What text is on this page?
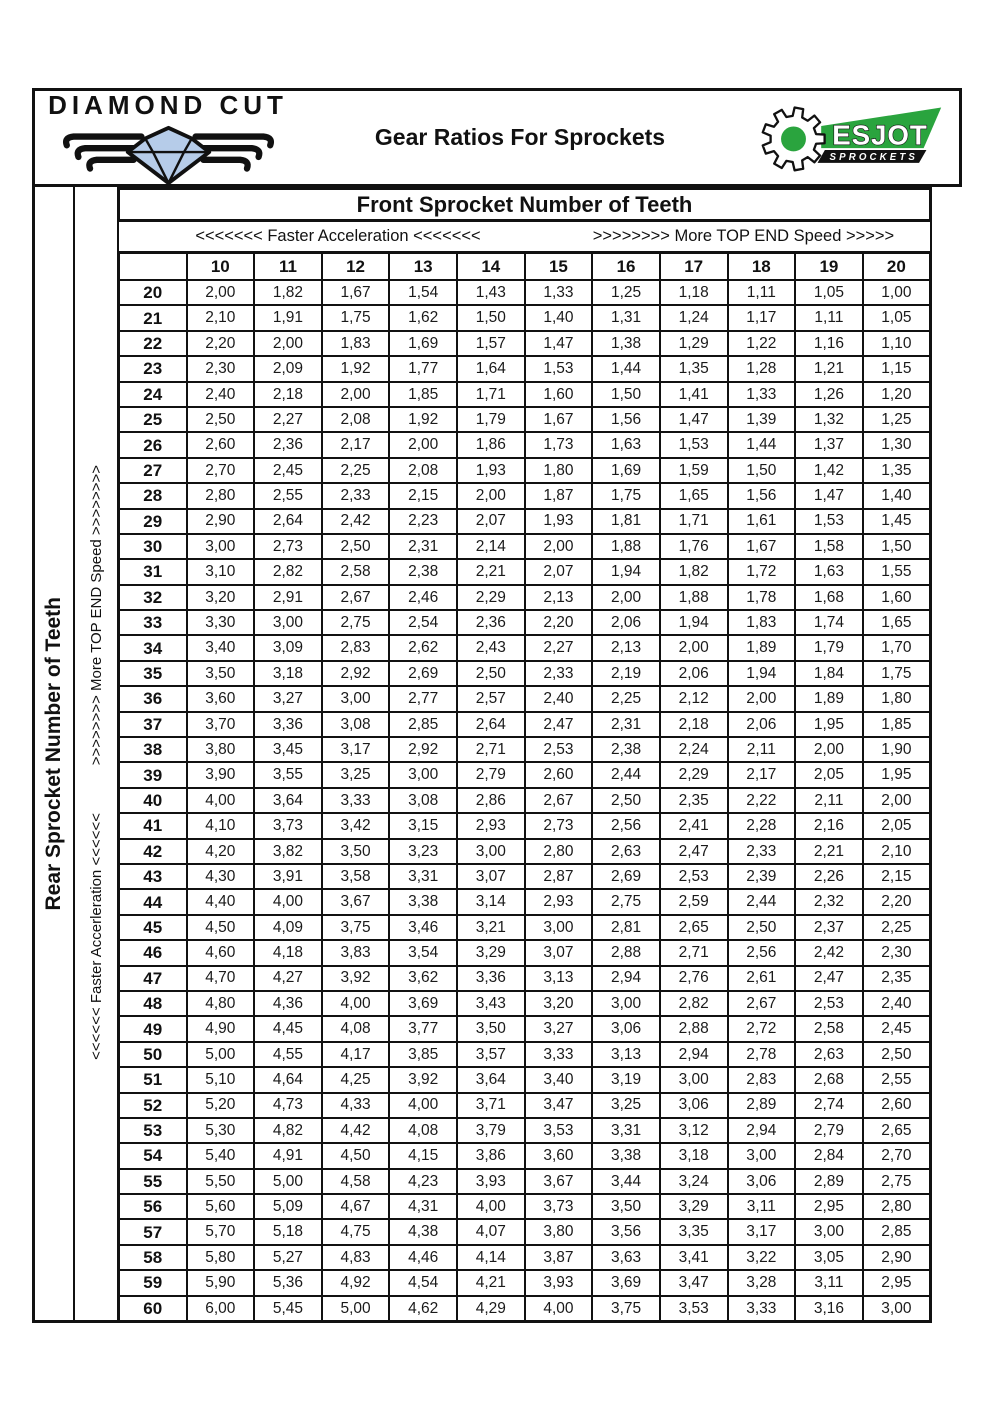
DIAMOND CUT
Gear Ratios For Sprockets	ESJOT
SPROCKETS
Rear Sprocket Number of Teeth >>>>>>>> More TOP END Speed >>>>>>>>
<<<<<< Faster Accerleration <<<<<<
Front Sprocket Number of Teeth
<<<<<<< Faster Acceleration <<<<<<<	>>>>>>>> More TOP END Speed >>>>>
	10	11	12	13	14	15	16	17	18	19	20
20	2,00	1,82	1,67	1,54	1,43	1,33	1,25	1,18	1,11	1,05	1,00
21	2,10	1,91	1,75	1,62	1,50	1,40	1,31	1,24	1,17	1,11	1,05
22	2,20	2,00	1,83	1,69	1,57	1,47	1,38	1,29	1,22	1,16	1,10
23	2,30	2,09	1,92	1,77	1,64	1,53	1,44	1,35	1,28	1,21	1,15
24	2,40	2,18	2,00	1,85	1,71	1,60	1,50	1,41	1,33	1,26	1,20
25	2,50	2,27	2,08	1,92	1,79	1,67	1,56	1,47	1,39	1,32	1,25
26	2,60	2,36	2,17	2,00	1,86	1,73	1,63	1,53	1,44	1,37	1,30
27	2,70	2,45	2,25	2,08	1,93	1,80	1,69	1,59	1,50	1,42	1,35
28	2,80	2,55	2,33	2,15	2,00	1,87	1,75	1,65	1,56	1,47	1,40
29	2,90	2,64	2,42	2,23	2,07	1,93	1,81	1,71	1,61	1,53	1,45
30	3,00	2,73	2,50	2,31	2,14	2,00	1,88	1,76	1,67	1,58	1,50
31	3,10	2,82	2,58	2,38	2,21	2,07	1,94	1,82	1,72	1,63	1,55
32	3,20	2,91	2,67	2,46	2,29	2,13	2,00	1,88	1,78	1,68	1,60
33	3,30	3,00	2,75	2,54	2,36	2,20	2,06	1,94	1,83	1,74	1,65
34	3,40	3,09	2,83	2,62	2,43	2,27	2,13	2,00	1,89	1,79	1,70
35	3,50	3,18	2,92	2,69	2,50	2,33	2,19	2,06	1,94	1,84	1,75
36	3,60	3,27	3,00	2,77	2,57	2,40	2,25	2,12	2,00	1,89	1,80
37	3,70	3,36	3,08	2,85	2,64	2,47	2,31	2,18	2,06	1,95	1,85
38	3,80	3,45	3,17	2,92	2,71	2,53	2,38	2,24	2,11	2,00	1,90
39	3,90	3,55	3,25	3,00	2,79	2,60	2,44	2,29	2,17	2,05	1,95
40	4,00	3,64	3,33	3,08	2,86	2,67	2,50	2,35	2,22	2,11	2,00
41	4,10	3,73	3,42	3,15	2,93	2,73	2,56	2,41	2,28	2,16	2,05
42	4,20	3,82	3,50	3,23	3,00	2,80	2,63	2,47	2,33	2,21	2,10
43	4,30	3,91	3,58	3,31	3,07	2,87	2,69	2,53	2,39	2,26	2,15
44	4,40	4,00	3,67	3,38	3,14	2,93	2,75	2,59	2,44	2,32	2,20
45	4,50	4,09	3,75	3,46	3,21	3,00	2,81	2,65	2,50	2,37	2,25
46	4,60	4,18	3,83	3,54	3,29	3,07	2,88	2,71	2,56	2,42	2,30
47	4,70	4,27	3,92	3,62	3,36	3,13	2,94	2,76	2,61	2,47	2,35
48	4,80	4,36	4,00	3,69	3,43	3,20	3,00	2,82	2,67	2,53	2,40
49	4,90	4,45	4,08	3,77	3,50	3,27	3,06	2,88	2,72	2,58	2,45
50	5,00	4,55	4,17	3,85	3,57	3,33	3,13	2,94	2,78	2,63	2,50
51	5,10	4,64	4,25	3,92	3,64	3,40	3,19	3,00	2,83	2,68	2,55
52	5,20	4,73	4,33	4,00	3,71	3,47	3,25	3,06	2,89	2,74	2,60
53	5,30	4,82	4,42	4,08	3,79	3,53	3,31	3,12	2,94	2,79	2,65
54	5,40	4,91	4,50	4,15	3,86	3,60	3,38	3,18	3,00	2,84	2,70
55	5,50	5,00	4,58	4,23	3,93	3,67	3,44	3,24	3,06	2,89	2,75
56	5,60	5,09	4,67	4,31	4,00	3,73	3,50	3,29	3,11	2,95	2,80
57	5,70	5,18	4,75	4,38	4,07	3,80	3,56	3,35	3,17	3,00	2,85
58	5,80	5,27	4,83	4,46	4,14	3,87	3,63	3,41	3,22	3,05	2,90
59	5,90	5,36	4,92	4,54	4,21	3,93	3,69	3,47	3,28	3,11	2,95
60	6,00	5,45	5,00	4,62	4,29	4,00	3,75	3,53	3,33	3,16	3,00
